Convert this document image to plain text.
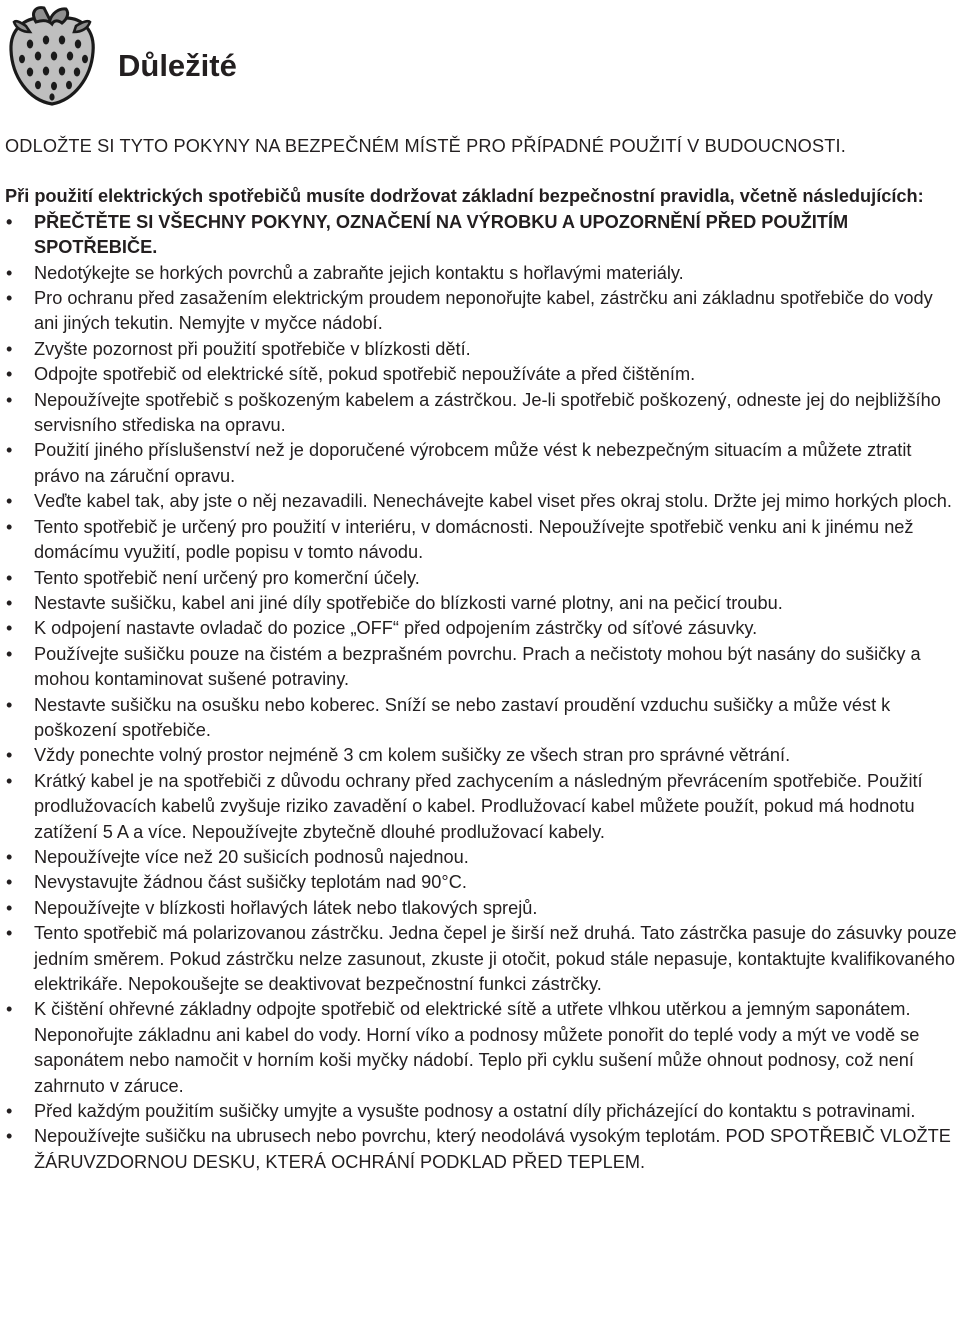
Důležité

ODLOŽTE SI TYTO POKYNY NA BEZPEČNÉM MÍSTĚ PRO PŘÍPADNÉ POUŽITÍ V BUDOUCNOSTI.

Při použití elektrických spotřebičů musíte dodržovat základní bezpečnostní pravidla, včetně následujících:

• PŘEČTĚTE SI VŠECHNY POKYNY, OZNAČENÍ NA VÝROBKU A UPOZORNĚNÍ PŘED POUŽITÍM SPOTŘEBIČE.
• Nedotýkejte se horkých povrchů a zabraňte jejich kontaktu s hořlavými materiály.
• Pro ochranu před zasažením elektrickým proudem neponořujte kabel, zástrčku ani základnu spotřebiče do vody ani jiných tekutin. Nemyjte v myčce nádobí.
• Zvyšte pozornost při použití spotřebiče v blízkosti dětí.
• Odpojte spotřebič od elektrické sítě, pokud spotřebič nepoužíváte a před čištěním.
• Nepoužívejte spotřebič s poškozeným kabelem a zástrčkou. Je-li spotřebič poškozený, odneste jej do nejbližšího servisního střediska na opravu.
• Použití jiného příslušenství než je doporučené výrobcem může vést k nebezpečným situacím a můžete ztratit právo na záruční opravu.
• Veďte kabel tak, aby jste o něj nezavadili. Nenechávejte kabel viset přes okraj stolu. Držte jej mimo horkých ploch.
• Tento spotřebič je určený pro použití v interiéru, v domácnosti. Nepoužívejte spotřebič venku ani k jinému než domácímu využití, podle popisu v tomto návodu.
• Tento spotřebič není určený pro komerční účely.
• Nestavte sušičku, kabel ani jiné díly spotřebiče do blízkosti varné plotny, ani na pečicí troubu.
• K odpojení nastavte ovladač do pozice „OFF“ před odpojením zástrčky od síťové zásuvky.
• Používejte sušičku pouze na čistém a bezprašném povrchu. Prach a nečistoty mohou být nasány do sušičky a mohou kontaminovat sušené potraviny.
• Nestavte sušičku na osušku nebo koberec. Sníží se nebo zastaví proudění vzduchu sušičky a může vést k poškození spotřebiče.
• Vždy ponechte volný prostor nejméně 3 cm kolem sušičky ze všech stran pro správné větrání.
• Krátký kabel je na spotřebiči z důvodu ochrany před zachycením a následným převrácením spotřebiče. Použití prodlužovacích kabelů zvyšuje riziko zavadění o kabel. Prodlužovací kabel můžete použít, pokud má hodnotu zatížení 5 A a více. Nepoužívejte zbytečně dlouhé prodlužovací kabely.
• Nepoužívejte více než 20 sušicích podnosů najednou.
• Nevystavujte žádnou část sušičky teplotám nad 90°C.
• Nepoužívejte v blízkosti hořlavých látek nebo tlakových sprejů.
• Tento spotřebič má polarizovanou zástrčku. Jedna čepel je širší než druhá. Tato zástrčka pasuje do zásuvky pouze jedním směrem. Pokud zástrčku nelze zasunout, zkuste ji otočit, pokud stále nepasuje, kontaktujte kvalifikovaného elektrikáře. Nepokoušejte se deaktivovat bezpečnostní funkci zástrčky.
• K čištění ohřevné základny odpojte spotřebič od elektrické sítě a utřete vlhkou utěrkou a jemným saponátem. Neponořujte základnu ani kabel do vody. Horní víko a podnosy můžete ponořit do teplé vody a mýt ve vodě se saponátem nebo namočit v horním koši myčky nádobí. Teplo při cyklu sušení může ohnout podnosy, což není zahrnuto v záruce.
• Před každým použitím sušičky umyjte a vysušte podnosy a ostatní díly přicházející do kontaktu s potravinami.
• Nepoužívejte sušičku na ubrusech nebo povrchu, který neodolává vysokým teplotám. POD SPOTŘEBIČ VLOŽTE ŽÁRUVZDORNOU DESKU, KTERÁ OCHRÁNÍ PODKLAD PŘED TEPLEM.
